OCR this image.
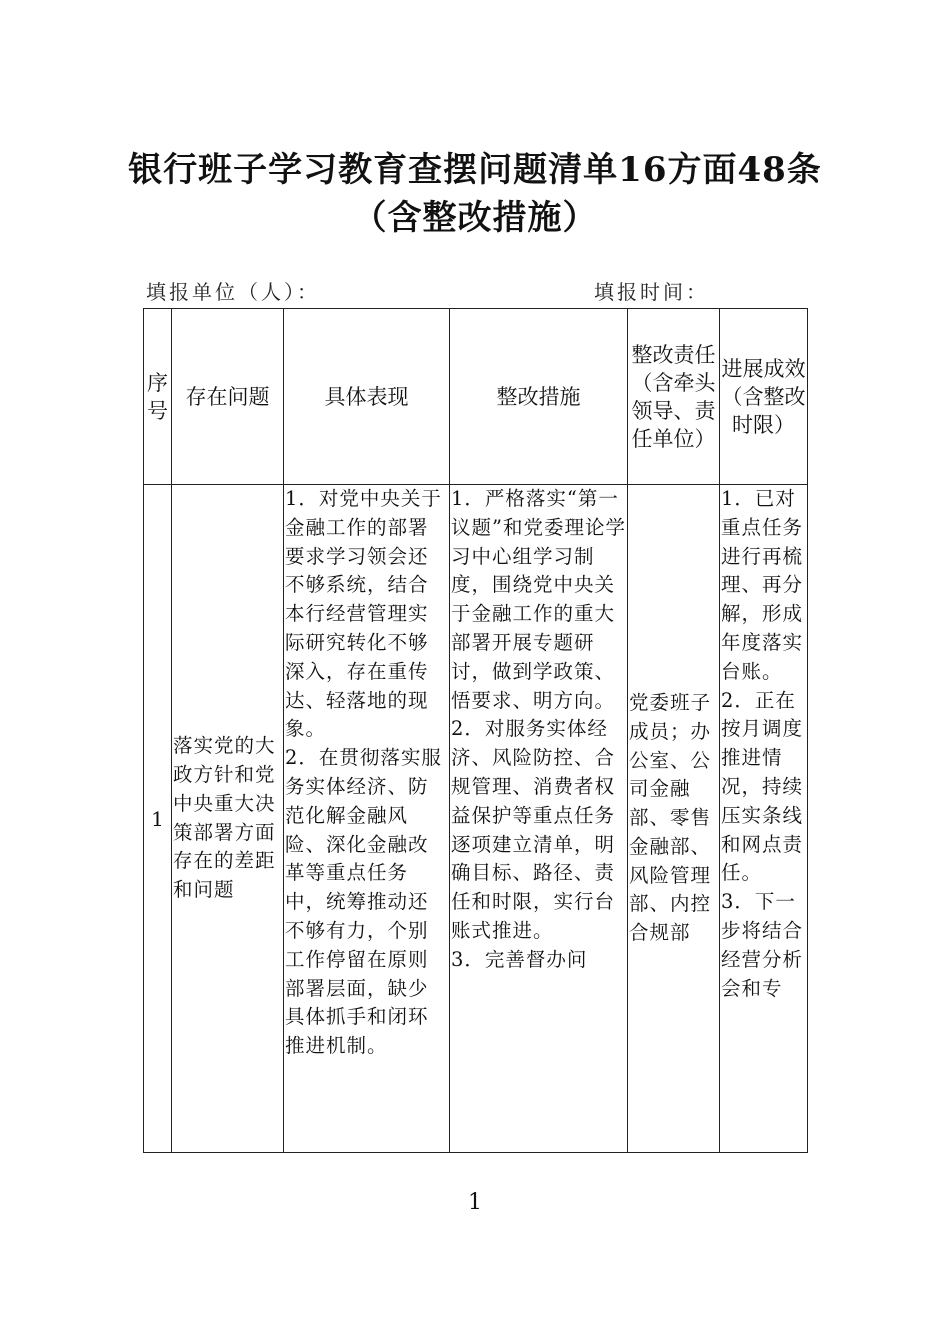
银行班子学习教育查摆问题清单16方面48条（含整改措施）
填报单位（人）：	填报时间：
序号	存在问题	具体表现	整改措施	整改责任（含牵头领导、责任单位）	进展成效（含整改时限）

1	落实党的大政方针和党中央重大决策部署方面存在的差距和问题	1．对党中央关于金融工作的部署要求学习领会还不够系统，结合本行经营管理实际研究转化不够深入，存在重传达、轻落地的现象。
2．在贯彻落实服务实体经济、防范化解金融风险、深化金融改革等重点任务中，统筹推动还不够有力，个别工作停留在原则部署层面，缺少具体抓手和闭环推进机制。	1．严格落实“第一议题”和党委理论学习中心组学习制度，围绕党中央关于金融工作的重大部署开展专题研讨，做到学政策、悟要求、明方向。
2．对服务实体经济、风险防控、合规管理、消费者权益保护等重点任务逐项建立清单，明确目标、路径、责任和时限，实行台账式推进。
3．完善督办问	党委班子成员；办公室、公司金融部、零售金融部、风险管理部、内控合规部	1．已对重点任务进行再梳理、再分解，形成年度落实台账。
2．正在按月调度推进情况，持续压实条线和网点责任。
3．下一步将结合经营分析会和专
1
